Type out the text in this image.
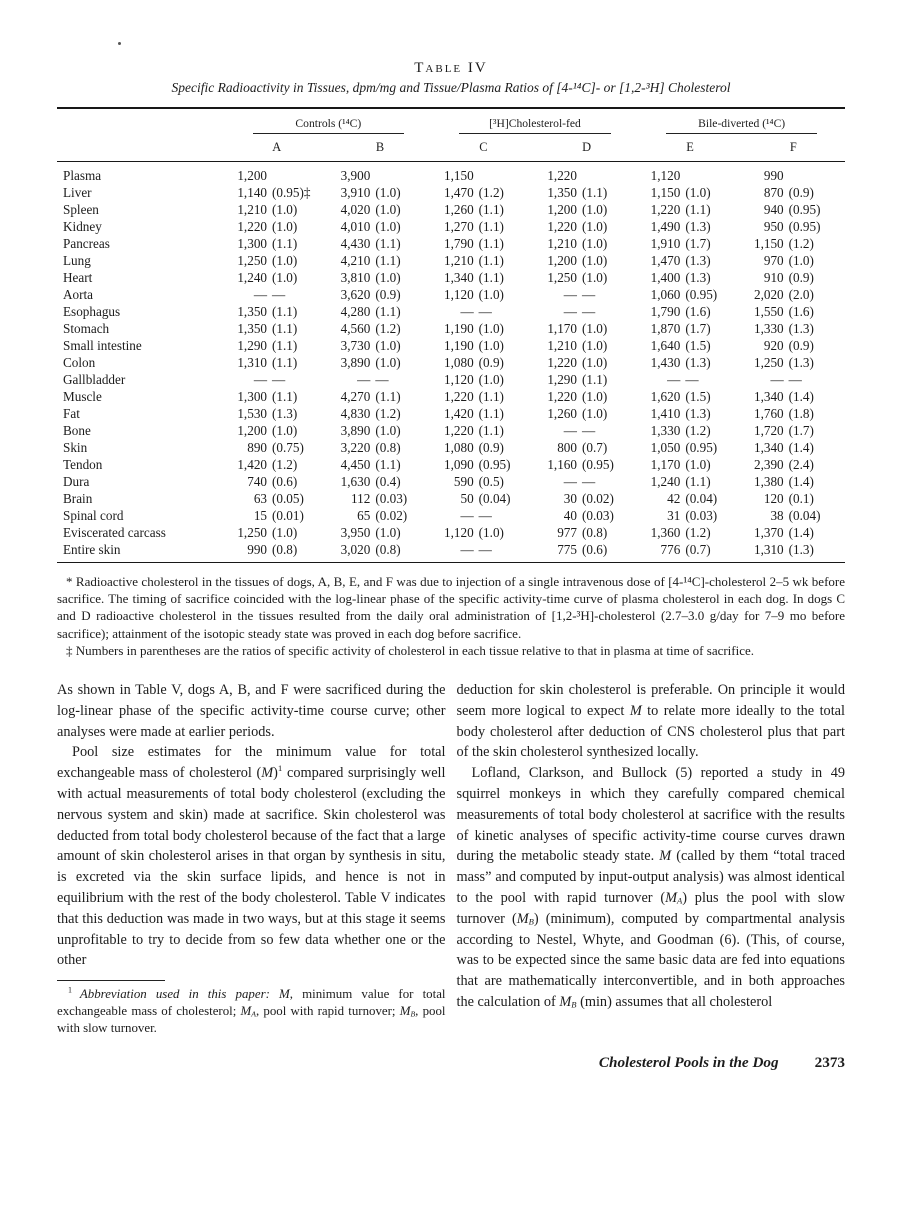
Table IV
Specific Radioactivity in Tissues, dpm/mg and Tissue/Plasma Ratios of [4-¹⁴C]- or [1,2-³H] Cholesterol
	Controls (¹⁴C)		[³H]Cholesterol-fed		Bile-diverted (¹⁴C)	
	A	B	C	D	E	F
Plasma	1,200	3,900	1,150	1,220	1,120	990
Liver	1,140 (0.95)‡	3,910 (1.0)	1,470 (1.2)	1,350 (1.1)	1,150 (1.0)	870 (0.9)
Spleen	1,210 (1.0)	4,020 (1.0)	1,260 (1.1)	1,200 (1.0)	1,220 (1.1)	940 (0.95)
Kidney	1,220 (1.0)	4,010 (1.0)	1,270 (1.1)	1,220 (1.0)	1,490 (1.3)	950 (0.95)
Pancreas	1,300 (1.1)	4,430 (1.1)	1,790 (1.1)	1,210 (1.0)	1,910 (1.7)	1,150 (1.2)
Lung	1,250 (1.0)	4,210 (1.1)	1,210 (1.1)	1,200 (1.0)	1,470 (1.3)	970 (1.0)
Heart	1,240 (1.0)	3,810 (1.0)	1,340 (1.1)	1,250 (1.0)	1,400 (1.3)	910 (0.9)
Aorta	— —	3,620 (0.9)	1,120 (1.0)	— —	1,060 (0.95)	2,020 (2.0)
Esophagus	1,350 (1.1)	4,280 (1.1)	— —	— —	1,790 (1.6)	1,550 (1.6)
Stomach	1,350 (1.1)	4,560 (1.2)	1,190 (1.0)	1,170 (1.0)	1,870 (1.7)	1,330 (1.3)
Small intestine	1,290 (1.1)	3,730 (1.0)	1,190 (1.0)	1,210 (1.0)	1,640 (1.5)	920 (0.9)
Colon	1,310 (1.1)	3,890 (1.0)	1,080 (0.9)	1,220 (1.0)	1,430 (1.3)	1,250 (1.3)
Gallbladder	— —	— —	1,120 (1.0)	1,290 (1.1)	— —	— —
Muscle	1,300 (1.1)	4,270 (1.1)	1,220 (1.1)	1,220 (1.0)	1,620 (1.5)	1,340 (1.4)
Fat	1,530 (1.3)	4,830 (1.2)	1,420 (1.1)	1,260 (1.0)	1,410 (1.3)	1,760 (1.8)
Bone	1,200 (1.0)	3,890 (1.0)	1,220 (1.1)	— —	1,330 (1.2)	1,720 (1.7)
Skin	890 (0.75)	3,220 (0.8)	1,080 (0.9)	800 (0.7)	1,050 (0.95)	1,340 (1.4)
Tendon	1,420 (1.2)	4,450 (1.1)	1,090 (0.95)	1,160 (0.95)	1,170 (1.0)	2,390 (2.4)
Dura	740 (0.6)	1,630 (0.4)	590 (0.5)	— —	1,240 (1.1)	1,380 (1.4)
Brain	63 (0.05)	112 (0.03)	50 (0.04)	30 (0.02)	42 (0.04)	120 (0.1)
Spinal cord	15 (0.01)	65 (0.02)	— —	40 (0.03)	31 (0.03)	38 (0.04)
Eviscerated carcass	1,250 (1.0)	3,950 (1.0)	1,120 (1.0)	977 (0.8)	1,360 (1.2)	1,370 (1.4)
Entire skin	990 (0.8)	3,020 (0.8)	— —	775 (0.6)	776 (0.7)	1,310 (1.3)

* Radioactive cholesterol in the tissues of dogs, A, B, E, and F was due to injection of a single intravenous dose of [4-¹⁴C]-cholesterol 2–5 wk before sacrifice. The timing of sacrifice coincided with the log-linear phase of the specific activity-time curve of plasma cholesterol in each dog. In dogs C and D radioactive cholesterol in the tissues resulted from the daily oral administration of [1,2-³H]-cholesterol (2.7–3.0 g/day for 7–9 mo before sacrifice); attainment of the isotopic steady state was proved in each dog before sacrifice.

‡ Numbers in parentheses are the ratios of specific activity of cholesterol in each tissue relative to that in plasma at time of sacrifice.

As shown in Table V, dogs A, B, and F were sacrificed during the log-linear phase of the specific activity-time course curve; other analyses were made at earlier periods.

Pool size estimates for the minimum value for total exchangeable mass of cholesterol $(M)^1$ compared surprisingly well with actual measurements of total body cholesterol (excluding the nervous system and skin) made at sacrifice. Skin cholesterol was deducted from total body cholesterol because of the fact that a large amount of skin cholesterol arises in that organ by synthesis in situ, is excreted via the skin surface lipids, and hence is not in equilibrium with the rest of the body cholesterol. Table V indicates that this deduction was made in two ways, but at this stage it seems unprofitable to try to decide from so few data whether one or the other

$^1$ Abbreviation used in this paper: M, minimum value for total exchangeable mass of cholesterol; MA, pool with rapid turnover; MB, pool with slow turnover.

deduction for skin cholesterol is preferable. On principle it would seem more logical to expect M to relate more ideally to the total body cholesterol after deduction of CNS cholesterol plus that part of the skin cholesterol synthesized locally.

Lofland, Clarkson, and Bullock (5) reported a study in 49 squirrel monkeys in which they carefully compared chemical measurements of total body cholesterol at sacrifice with the results of kinetic analyses of specific activity-time course curves drawn during the metabolic steady state. M (called by them “total traced mass” and computed by input-output analysis) was almost identical to the pool with rapid turnover (MA) plus the pool with slow turnover (MB) (minimum), computed by compartmental analysis according to Nestel, Whyte, and Goodman (6). (This, of course, was to be expected since the same basic data are fed into equations that are mathematically interconvertible, and in both approaches the calculation of MB (min) assumes that all cholesterol

Cholesterol Pools in the Dog 2373
